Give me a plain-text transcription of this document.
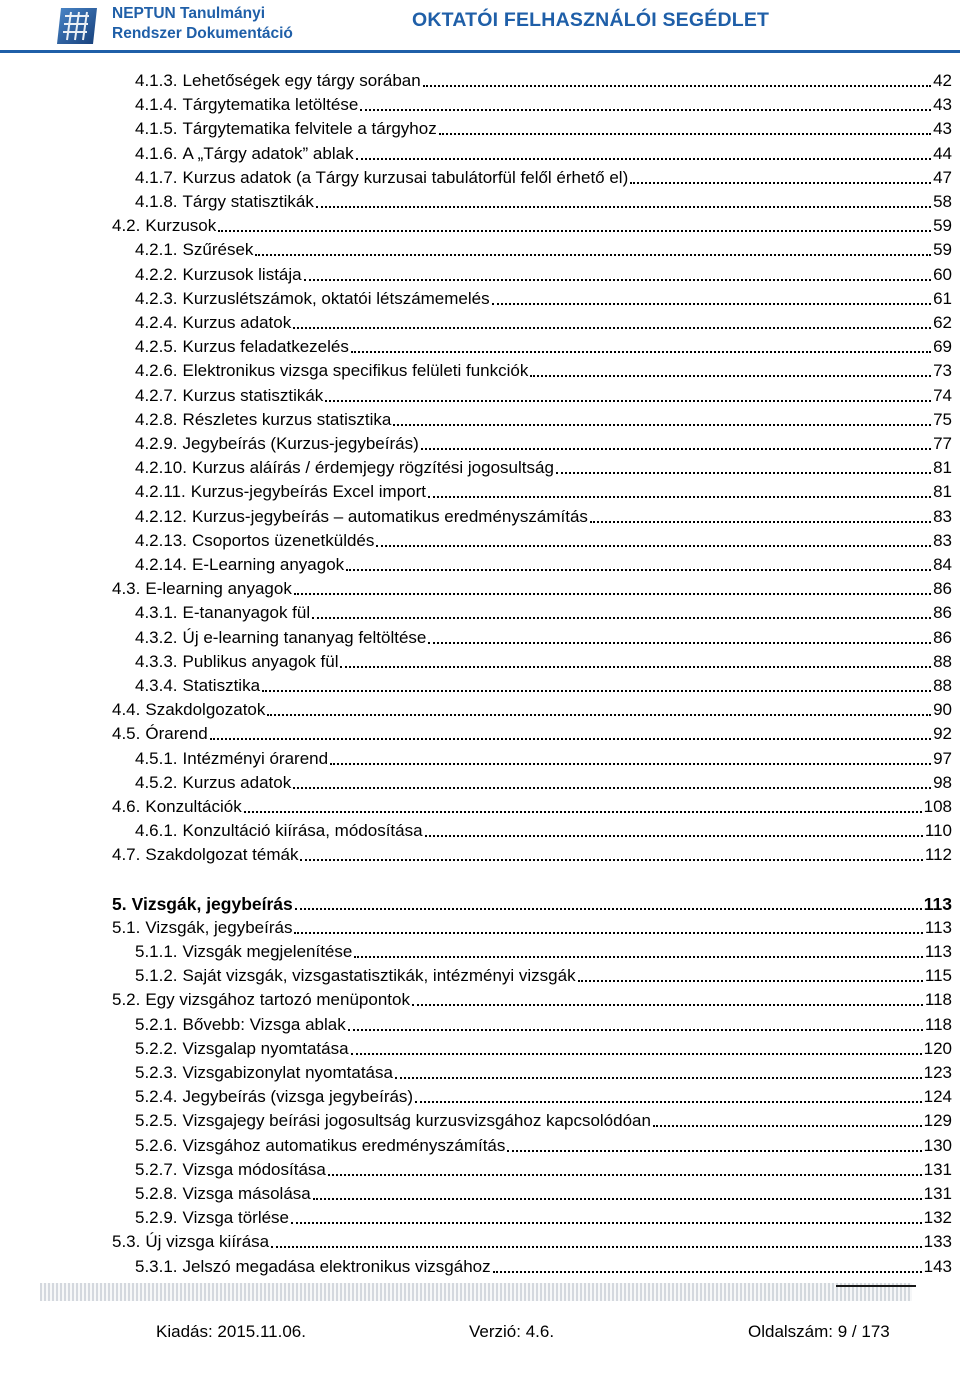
NEPTUN Tanulmányi
Rendszer Dokumentáció
OKTATÓI FELHASZNÁLÓI SEGÉDLET
4.1.3. Lehetőségek egy tárgy sorában	42
4.1.4. Tárgytematika letöltése	43
4.1.5. Tárgytematika felvitele a tárgyhoz	43
4.1.6. A „Tárgy adatok” ablak	44
4.1.7. Kurzus adatok (a Tárgy kurzusai tabulátorfül felől érhető el)	47
4.1.8. Tárgy statisztikák	58
4.2. Kurzusok	59
4.2.1. Szűrések	59
4.2.2. Kurzusok listája	60
4.2.3. Kurzuslétszámok, oktatói létszámemelés	61
4.2.4. Kurzus adatok	62
4.2.5. Kurzus feladatkezelés	69
4.2.6. Elektronikus vizsga specifikus felületi funkciók	73
4.2.7. Kurzus statisztikák	74
4.2.8. Részletes kurzus statisztika	75
4.2.9. Jegybeírás (Kurzus-jegybeírás)	77
4.2.10. Kurzus aláírás / érdemjegy rögzítési jogosultság	81
4.2.11. Kurzus-jegybeírás Excel import	81
4.2.12. Kurzus-jegybeírás – automatikus eredményszámítás	83
4.2.13. Csoportos üzenetküldés	83
4.2.14. E-Learning anyagok	84
4.3. E-learning anyagok	86
4.3.1. E-tananyagok fül	86
4.3.2. Új e-learning tananyag feltöltése	86
4.3.3. Publikus anyagok fül	88
4.3.4. Statisztika	88
4.4. Szakdolgozatok	90
4.5. Órarend	92
4.5.1. Intézményi órarend	97
4.5.2. Kurzus adatok	98
4.6. Konzultációk	108
4.6.1. Konzultáció kiírása, módosítása	110
4.7. Szakdolgozat témák	112
5. Vizsgák, jegybeírás	113
5.1. Vizsgák, jegybeírás	113
5.1.1. Vizsgák megjelenítése	113
5.1.2. Saját vizsgák, vizsgastatisztikák, intézményi vizsgák	115
5.2. Egy vizsgához tartozó menüpontok	118
5.2.1. Bővebb: Vizsga ablak	118
5.2.2. Vizsgalap nyomtatása	120
5.2.3. Vizsgabizonylat nyomtatása	123
5.2.4. Jegybeírás (vizsga jegybeírás)	124
5.2.5. Vizsgajegy beírási jogosultság kurzusvizsgához kapcsolódóan	129
5.2.6. Vizsgához automatikus eredményszámítás	130
5.2.7. Vizsga módosítása	131
5.2.8. Vizsga másolása	131
5.2.9. Vizsga törlése	132
5.3. Új vizsga kiírása	133
5.3.1. Jelszó megadása elektronikus vizsgához	143
Kiadás: 2015.11.06.	Verzió: 4.6.	Oldalszám: 9 / 173
